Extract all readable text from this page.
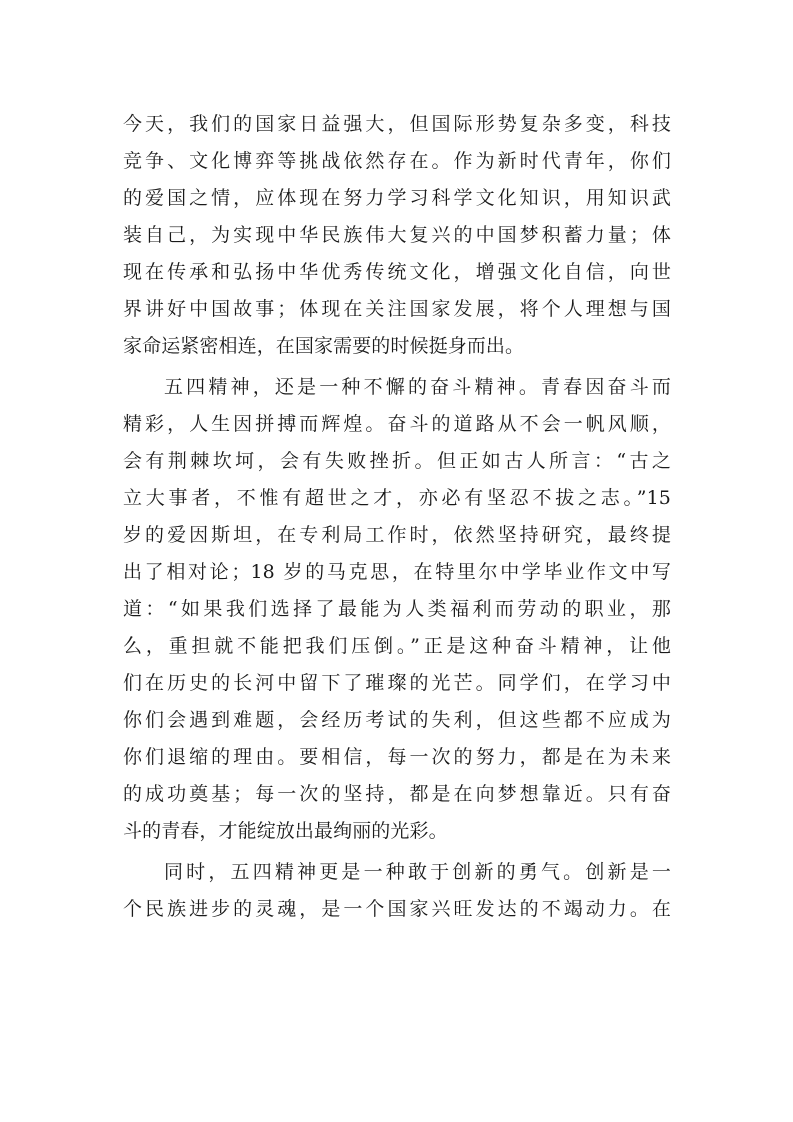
今天，我们的国家日益强大，但国际形势复杂多变，科技
竞争、文化博弈等挑战依然存在。作为新时代青年，你们
的爱国之情，应体现在努力学习科学文化知识，用知识武
装自己，为实现中华民族伟大复兴的中国梦积蓄力量；体
现在传承和弘扬中华优秀传统文化，增强文化自信，向世
界讲好中国故事；体现在关注国家发展，将个人理想与国
家命运紧密相连，在国家需要的时候挺身而出。
五四精神，还是一种不懈的奋斗精神。青春因奋斗而
精彩，人生因拼搏而辉煌。奋斗的道路从不会一帆风顺，
会有荆棘坎坷，会有失败挫折。但正如古人所言：“古之
立大事者，不惟有超世之才，亦必有坚忍不拔之志。”15
岁的爱因斯坦，在专利局工作时，依然坚持研究，最终提
出了相对论；18 岁的马克思，在特里尔中学毕业作文中写
道：“如果我们选择了最能为人类福利而劳动的职业，那
么，重担就不能把我们压倒。”正是这种奋斗精神，让他
们在历史的长河中留下了璀璨的光芒。同学们，在学习中
你们会遇到难题，会经历考试的失利，但这些都不应成为
你们退缩的理由。要相信，每一次的努力，都是在为未来
的成功奠基；每一次的坚持，都是在向梦想靠近。只有奋
斗的青春，才能绽放出最绚丽的光彩。
同时，五四精神更是一种敢于创新的勇气。创新是一
个民族进步的灵魂，是一个国家兴旺发达的不竭动力。在
